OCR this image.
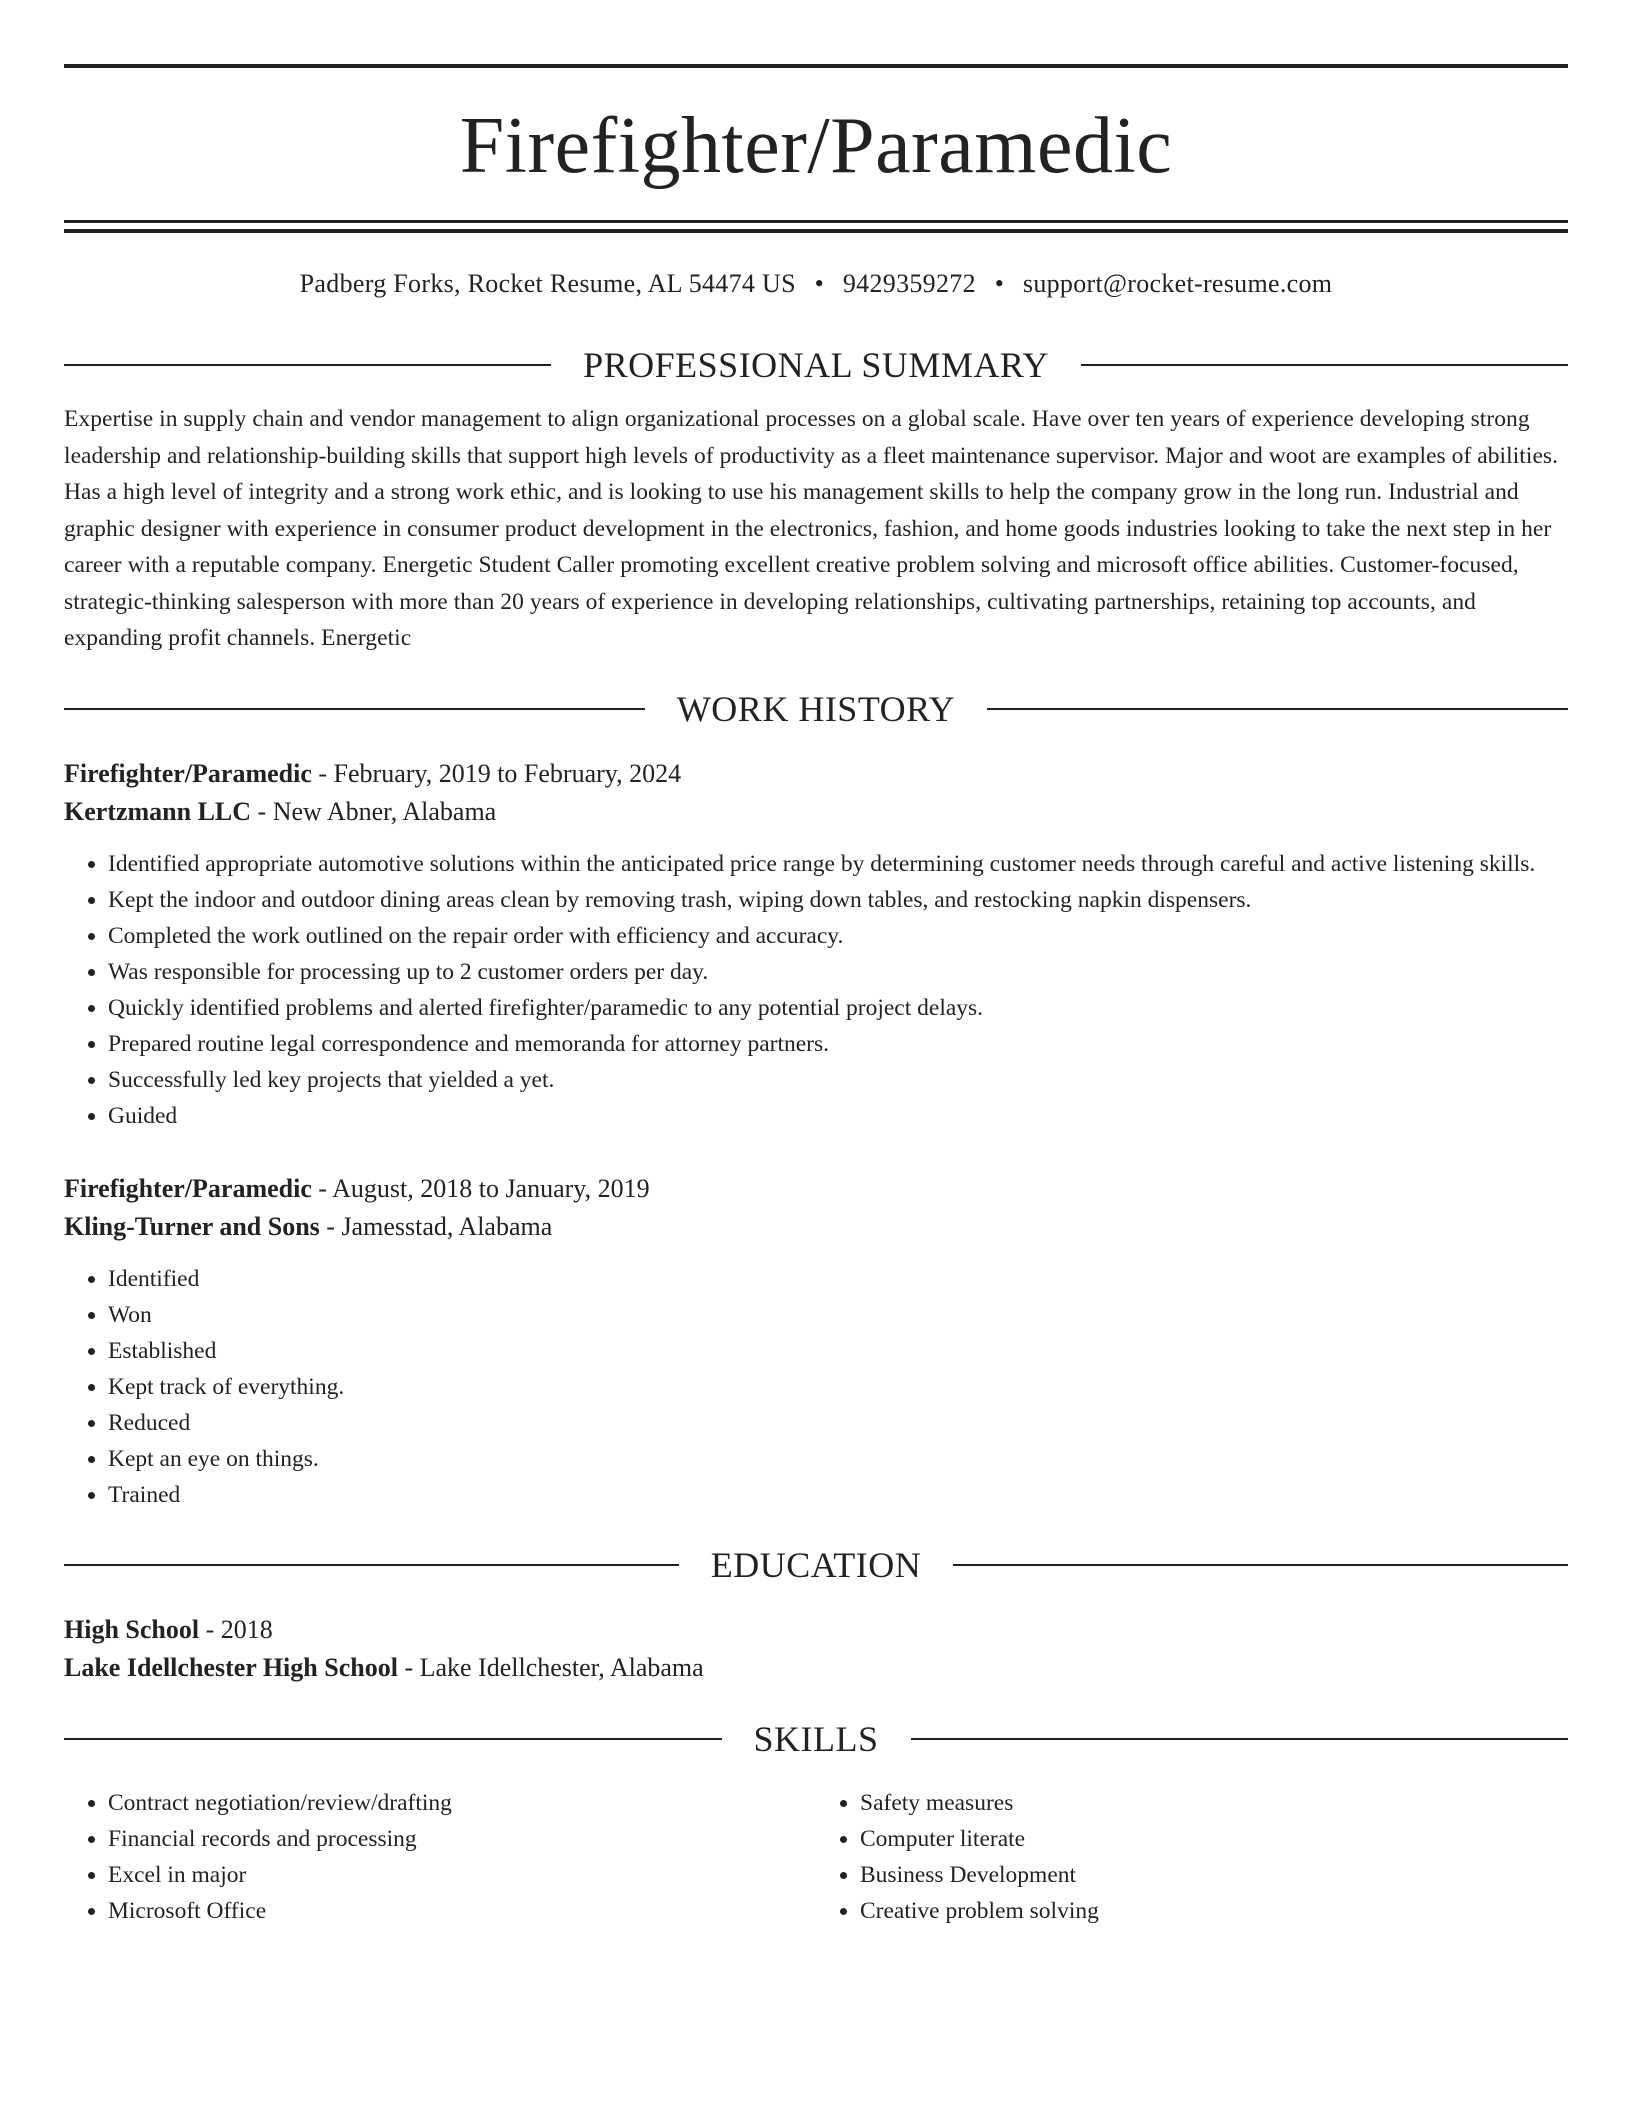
Firefighter/Paramedic
Padberg Forks, Rocket Resume, AL 54474 US • 9429359272 • support@rocket-resume.com
PROFESSIONAL SUMMARY
Expertise in supply chain and vendor management to align organizational processes on a global scale. Have over ten years of experience developing strong leadership and relationship-building skills that support high levels of productivity as a fleet maintenance supervisor. Major and woot are examples of abilities. Has a high level of integrity and a strong work ethic, and is looking to use his management skills to help the company grow in the long run. Industrial and graphic designer with experience in consumer product development in the electronics, fashion, and home goods industries looking to take the next step in her career with a reputable company. Energetic Student Caller promoting excellent creative problem solving and microsoft office abilities. Customer-focused, strategic-thinking salesperson with more than 20 years of experience in developing relationships, cultivating partnerships, retaining top accounts, and expanding profit channels. Energetic
WORK HISTORY
Firefighter/Paramedic - February, 2019 to February, 2024
Kertzmann LLC - New Abner, Alabama
• Identified appropriate automotive solutions within the anticipated price range by determining customer needs through careful and active listening skills.
• Kept the indoor and outdoor dining areas clean by removing trash, wiping down tables, and restocking napkin dispensers.
• Completed the work outlined on the repair order with efficiency and accuracy.
• Was responsible for processing up to 2 customer orders per day.
• Quickly identified problems and alerted firefighter/paramedic to any potential project delays.
• Prepared routine legal correspondence and memoranda for attorney partners.
• Successfully led key projects that yielded a yet.
• Guided
Firefighter/Paramedic - August, 2018 to January, 2019
Kling-Turner and Sons - Jamesstad, Alabama
• Identified
• Won
• Established
• Kept track of everything.
• Reduced
• Kept an eye on things.
• Trained
EDUCATION
High School - 2018
Lake Idellchester High School - Lake Idellchester, Alabama
SKILLS
• Contract negotiation/review/drafting
• Financial records and processing
• Excel in major
• Microsoft Office
• Safety measures
• Computer literate
• Business Development
• Creative problem solving
